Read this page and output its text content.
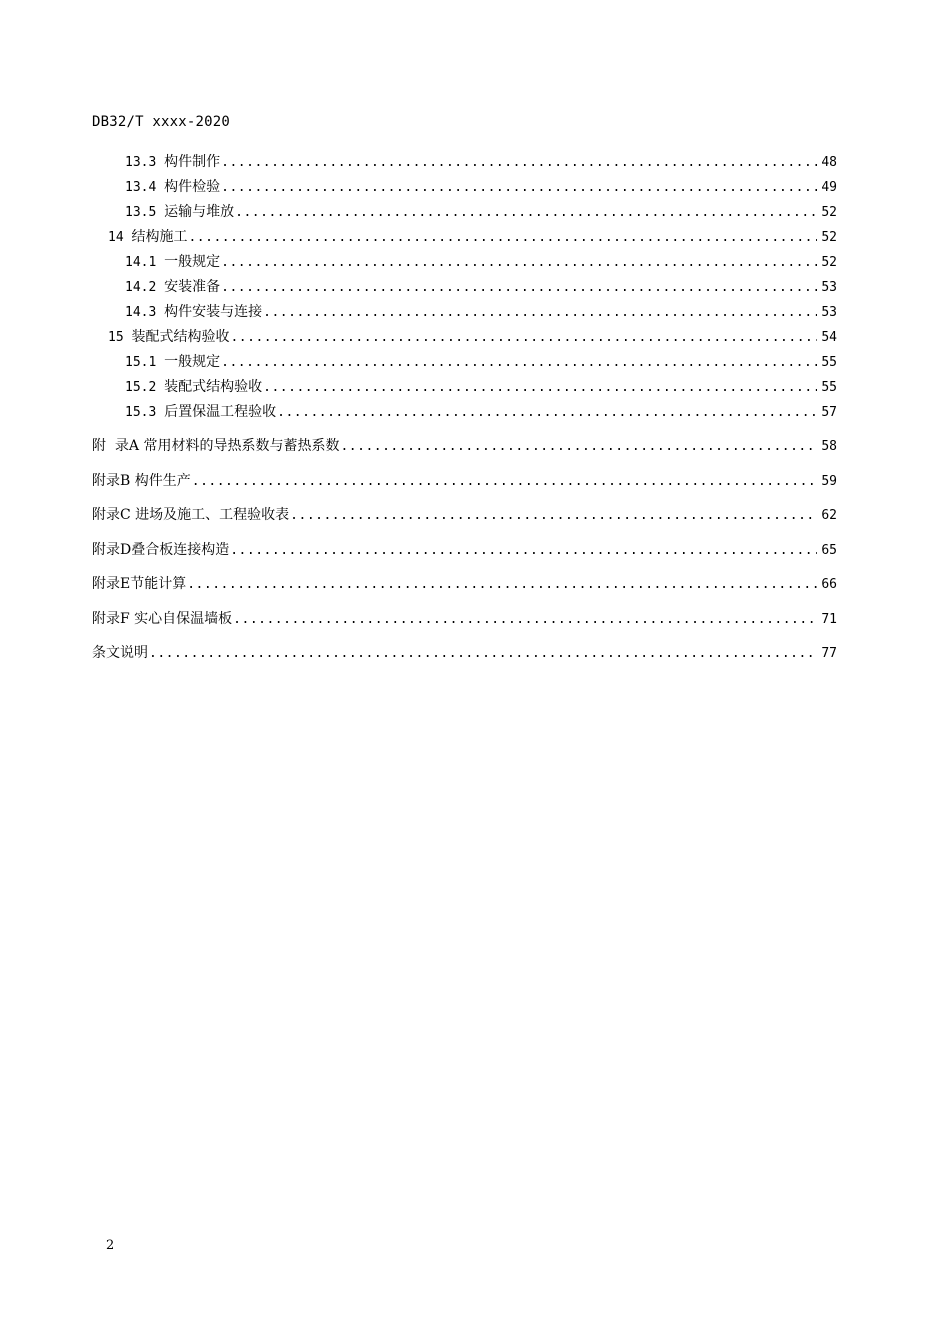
DB32/T xxxx-2020
13.3 构件制作 .....	48
13.4 构件检验 .....	49
13.5 运输与堆放 .....	52
14 结构施工 .....	52
14.1 一般规定 .....	52
14.2 安装准备 .....	53
14.3 构件安装与连接 .....	53
15 装配式结构验收 .....	54
15.1 一般规定 .....	55
15.2 装配式结构验收 .....	55
15.3 后置保温工程验收 .....	57
附  录A 常用材料的导热系数与蓄热系数 .....	58
附录B 构件生产 .....	59
附录C 进场及施工、工程验收表 .....	62
附录D叠合板连接构造 .....	65
附录E节能计算 .....	66
附录F 实心自保温墙板 .....	71
条文说明 .....	77
2
